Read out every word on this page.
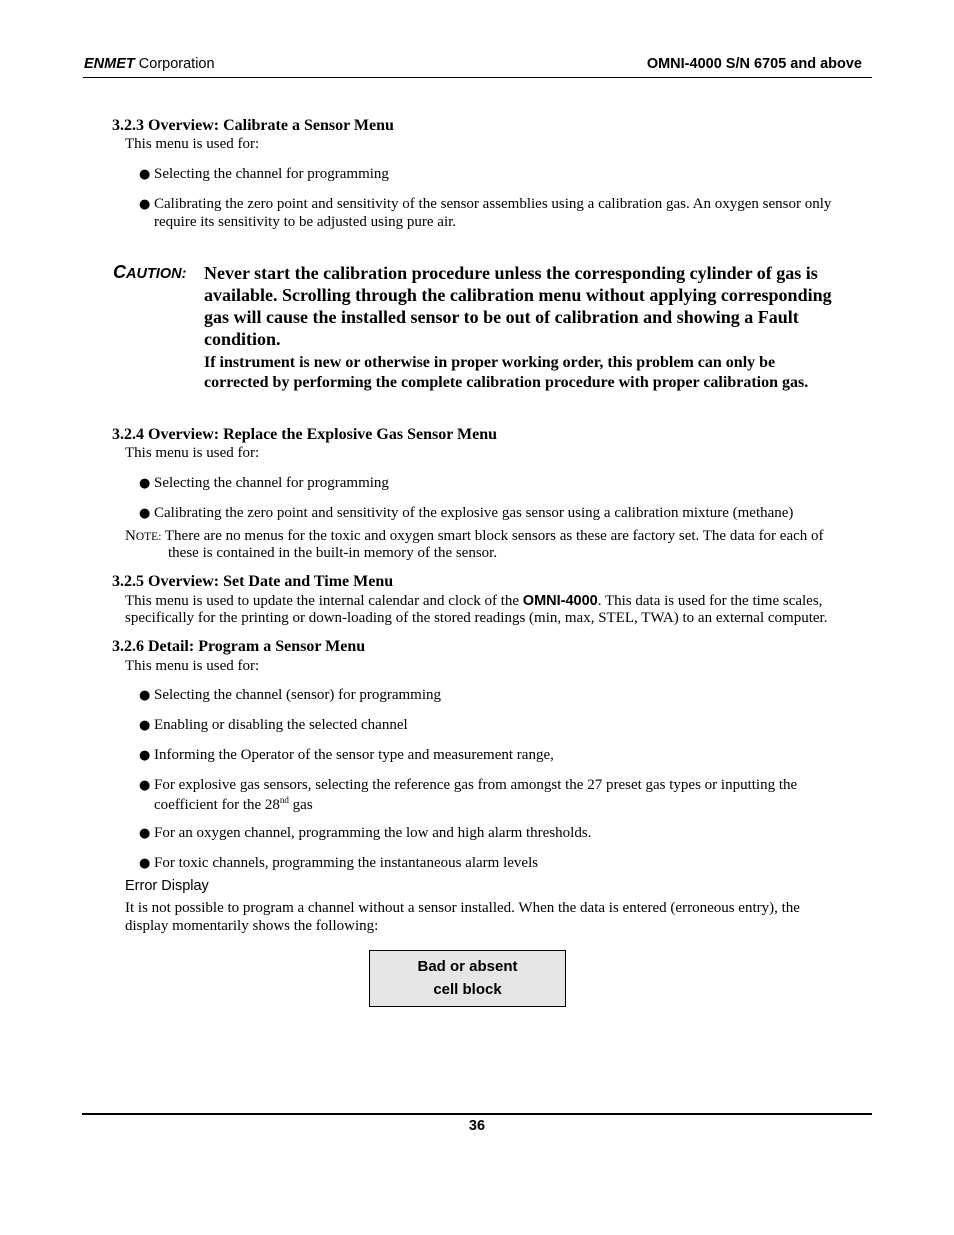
ENMET Corporation	OMNI-4000 S/N 6705 and above
3.2.3 Overview: Calibrate a Sensor Menu
This menu is used for:
● Selecting the channel for programming
● Calibrating the zero point and sensitivity of the sensor assemblies using a calibration gas. An oxygen sensor only
require its sensitivity to be adjusted using pure air.
CAUTION: Never start the calibration procedure unless the corresponding cylinder of gas is
available. Scrolling through the calibration menu without applying corresponding
gas will cause the installed sensor to be out of calibration and showing a Fault
condition.
If instrument is new or otherwise in proper working order, this problem can only be
corrected by performing the complete calibration procedure with proper calibration gas.
3.2.4 Overview: Replace the Explosive Gas Sensor Menu
This menu is used for:
● Selecting the channel for programming
● Calibrating the zero point and sensitivity of the explosive gas sensor using a calibration mixture (methane)
NOTE: There are no menus for the toxic and oxygen smart block sensors as these are factory set. The data for each of
these is contained in the built-in memory of the sensor.
3.2.5 Overview: Set Date and Time Menu
This menu is used to update the internal calendar and clock of the OMNI-4000. This data is used for the time scales,
specifically for the printing or down-loading of the stored readings (min, max, STEL, TWA) to an external computer.
3.2.6 Detail: Program a Sensor Menu
This menu is used for:
● Selecting the channel (sensor) for programming
● Enabling or disabling the selected channel
● Informing the Operator of the sensor type and measurement range,
● For explosive gas sensors, selecting the reference gas from amongst the 27 preset gas types or inputting the
coefficient for the 28nd gas
● For an oxygen channel, programming the low and high alarm thresholds.
● For toxic channels, programming the instantaneous alarm levels
Error Display
It is not possible to program a channel without a sensor installed. When the data is entered (erroneous entry), the
display momentarily shows the following:
Bad or absent
cell block
36
